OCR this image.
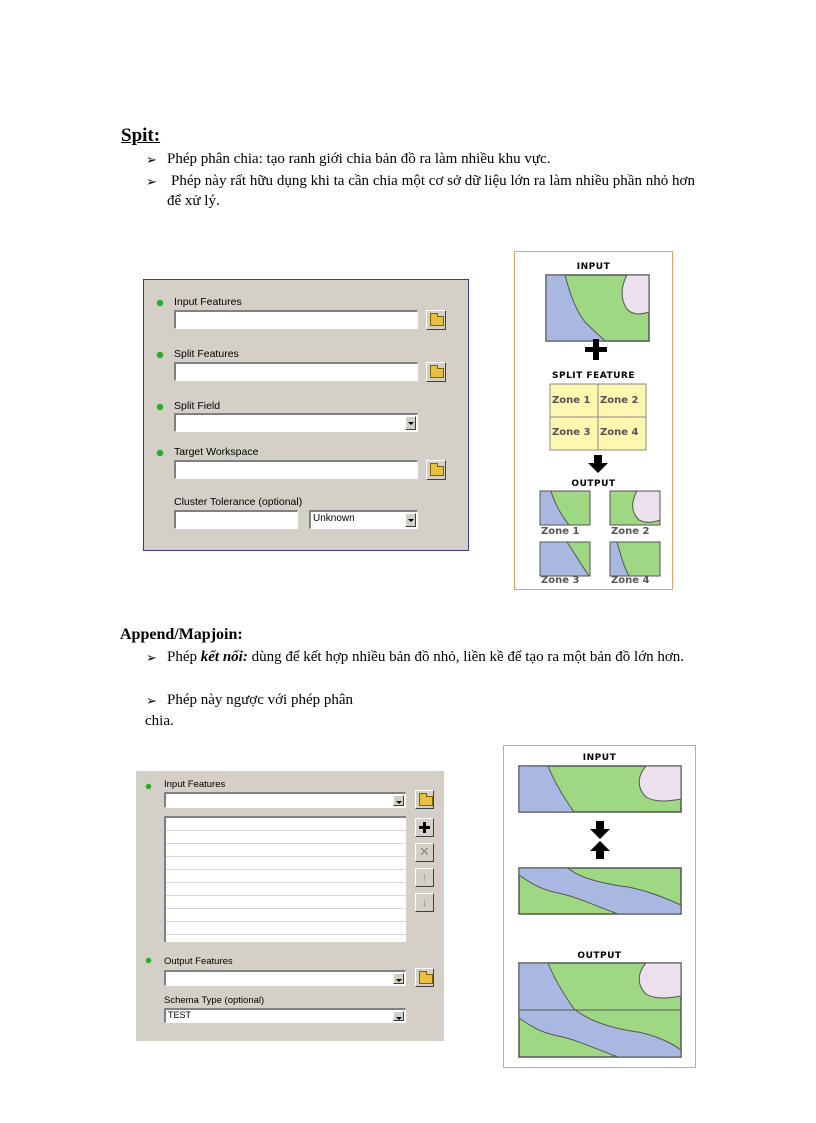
Spit:
➢ Phép phân chia: tạo ranh giới chia bản đồ ra làm nhiều khu vực.
➢ Phép này rất hữu dụng khi ta cần chia một cơ sở dữ liệu lớn ra làm nhiều phần nhỏ hơn để xử lý.
Input Features
Split Features
Split Field
Target Workspace
Cluster Tolerance (optional)
Unknown
INPUT
SPLIT FEATURE
Zone 1 Zone 2
Zone 3 Zone 4
OUTPUT
Zone 1	Zone 2
Zone 3	Zone 4
Append/Mapjoin:
➢ Phép kết nối: dùng để kết hợp nhiều bản đồ nhỏ, liền kề để tạo ra một bản đồ lớn hơn.
➢ Phép này ngược với phép phân
chia.
Input Features
✕
↑
↓
Output Features
Schema Type (optional)
TEST
INPUT
OUTPUT
